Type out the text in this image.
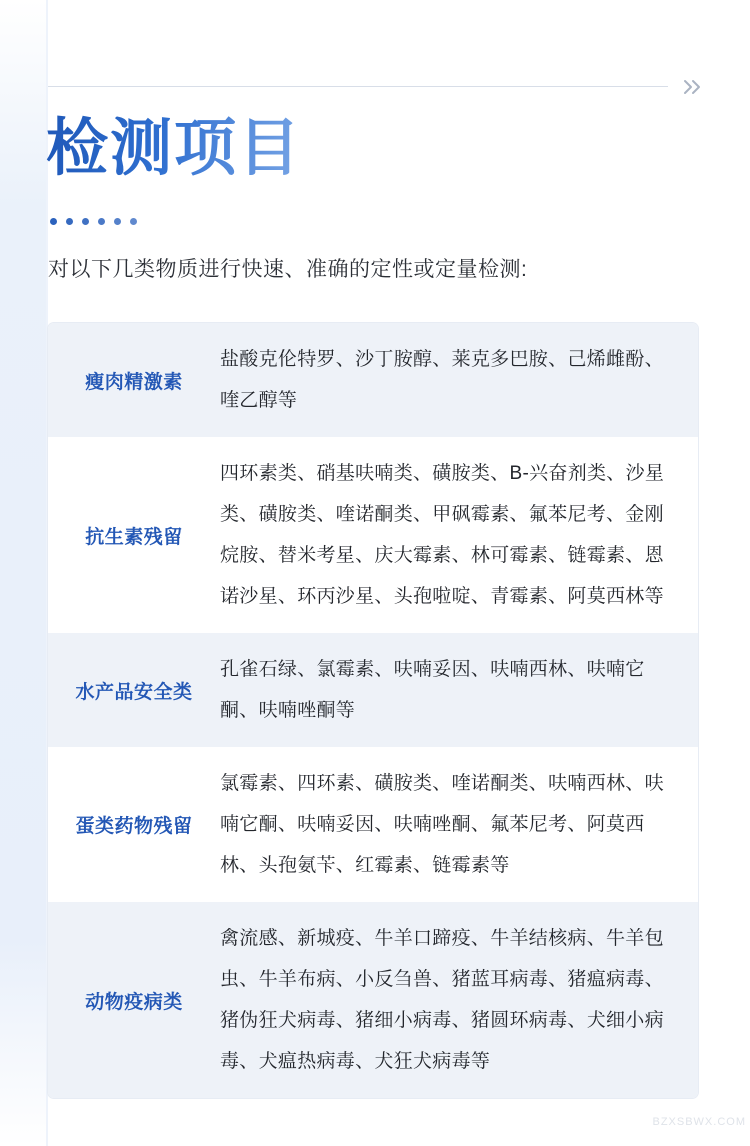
检测项目
对以下几类物质进行快速、准确的定性或定量检测:
瘦肉精激素
盐酸克伦特罗、沙丁胺醇、莱克多巴胺、己烯雌酚、喹乙醇等
抗生素残留
四环素类、硝基呋喃类、磺胺类、B‑兴奋剂类、沙星类、磺胺类、喹诺酮类、甲砜霉素、氟苯尼考、金刚烷胺、替米考星、庆大霉素、林可霉素、链霉素、恩诺沙星、环丙沙星、头孢啦啶、青霉素、阿莫西林等
水产品安全类
孔雀石绿、氯霉素、呋喃妥因、呋喃西林、呋喃它酮、呋喃唑酮等
蛋类药物残留
氯霉素、四环素、磺胺类、喹诺酮类、呋喃西林、呋喃它酮、呋喃妥因、呋喃唑酮、氟苯尼考、阿莫西林、头孢氨苄、红霉素、链霉素等
动物疫病类
禽流感、新城疫、牛羊口蹄疫、牛羊结核病、牛羊包虫、牛羊布病、小反刍兽、猪蓝耳病毒、猪瘟病毒、猪伪狂犬病毒、猪细小病毒、猪圆环病毒、犬细小病毒、犬瘟热病毒、犬狂犬病毒等
BZXSBWX.COM
